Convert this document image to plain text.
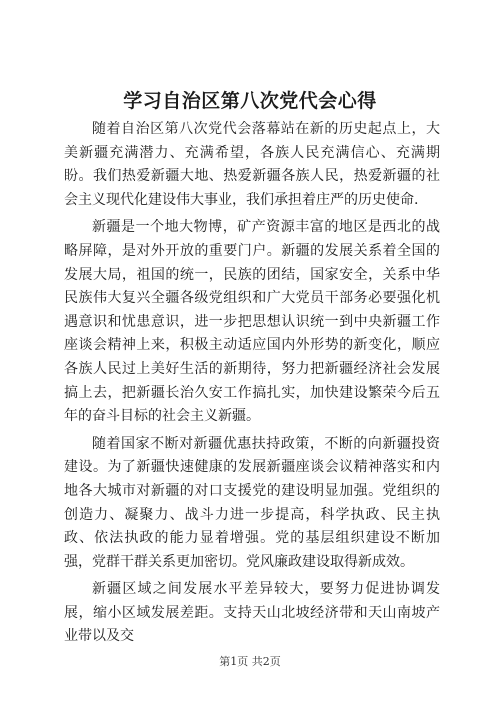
学习自治区第八次党代会心得

随着自治区第八次党代会落幕站在新的历史起点上，大美新疆充满潜力、充满希望，各族人民充满信心、充满期盼。我们热爱新疆大地、热爱新疆各族人民，热爱新疆的社会主义现代化建设伟大事业，我们承担着庄严的历史使命.

新疆是一个地大物博，矿产资源丰富的地区是西北的战略屏障，是对外开放的重要门户。新疆的发展关系着全国的发展大局，祖国的统一，民族的团结，国家安全，关系中华民族伟大复兴全疆各级党组织和广大党员干部务必要强化机遇意识和忧患意识，进一步把思想认识统一到中央新疆工作座谈会精神上来，积极主动适应国内外形势的新变化，顺应各族人民过上美好生活的新期待，努力把新疆经济社会发展搞上去，把新疆长治久安工作搞扎实，加快建设繁荣今后五年的奋斗目标的社会主义新疆。

随着国家不断对新疆优惠扶持政策，不断的向新疆投资建设。为了新疆快速健康的发展新疆座谈会议精神落实和内地各大城市对新疆的对口支援党的建设明显加强。党组织的创造力、凝聚力、战斗力进一步提高，科学执政、民主执政、依法执政的能力显着增强。党的基层组织建设不断加强，党群干群关系更加密切。党风廉政建设取得新成效。

新疆区域之间发展水平差异较大，要努力促进协调发展，缩小区域发展差距。支持天山北坡经济带和天山南坡产业带以及交

第1页 共2页
